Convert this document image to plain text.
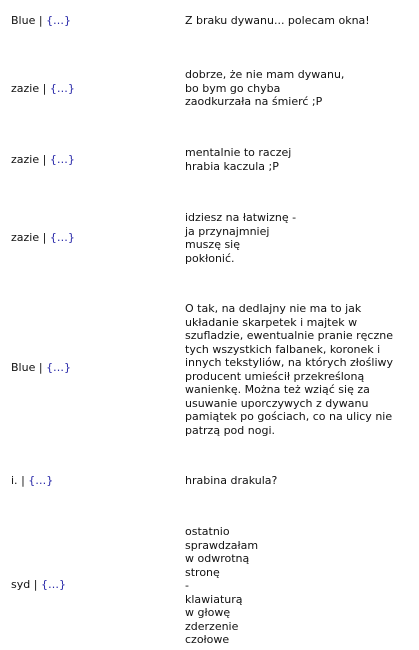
Blue | {…}	Z braku dywanu... polecam okna!
zazie | {…}
dobrze, że nie mam dywanu,
bo bym go chyba
zaodkurzała na śmierć ;P
zazie | {…}
mentalnie to raczej
hrabia kaczula ;P
zazie | {…}
idziesz na łatwiznę -
ja przynajmniej
muszę się
pokłonić.
Blue | {…}
O tak, na dedlajny nie ma to jak
układanie skarpetek i majtek w
szufladzie, ewentualnie pranie ręczne
tych wszystkich falbanek, koronek i
innych tekstyliów, na których złośliwy
producent umieścił przekreśloną
wanienkę. Można też wziąć się za
usuwanie uporczywych z dywanu
pamiątek po gościach, co na ulicy nie
patrzą pod nogi.
i. | {…}	hrabina drakula?
syd | {…}
ostatnio
sprawdzałam
w odwrotną
stronę
-
klawiaturą
w głowę
zderzenie
czołowe
